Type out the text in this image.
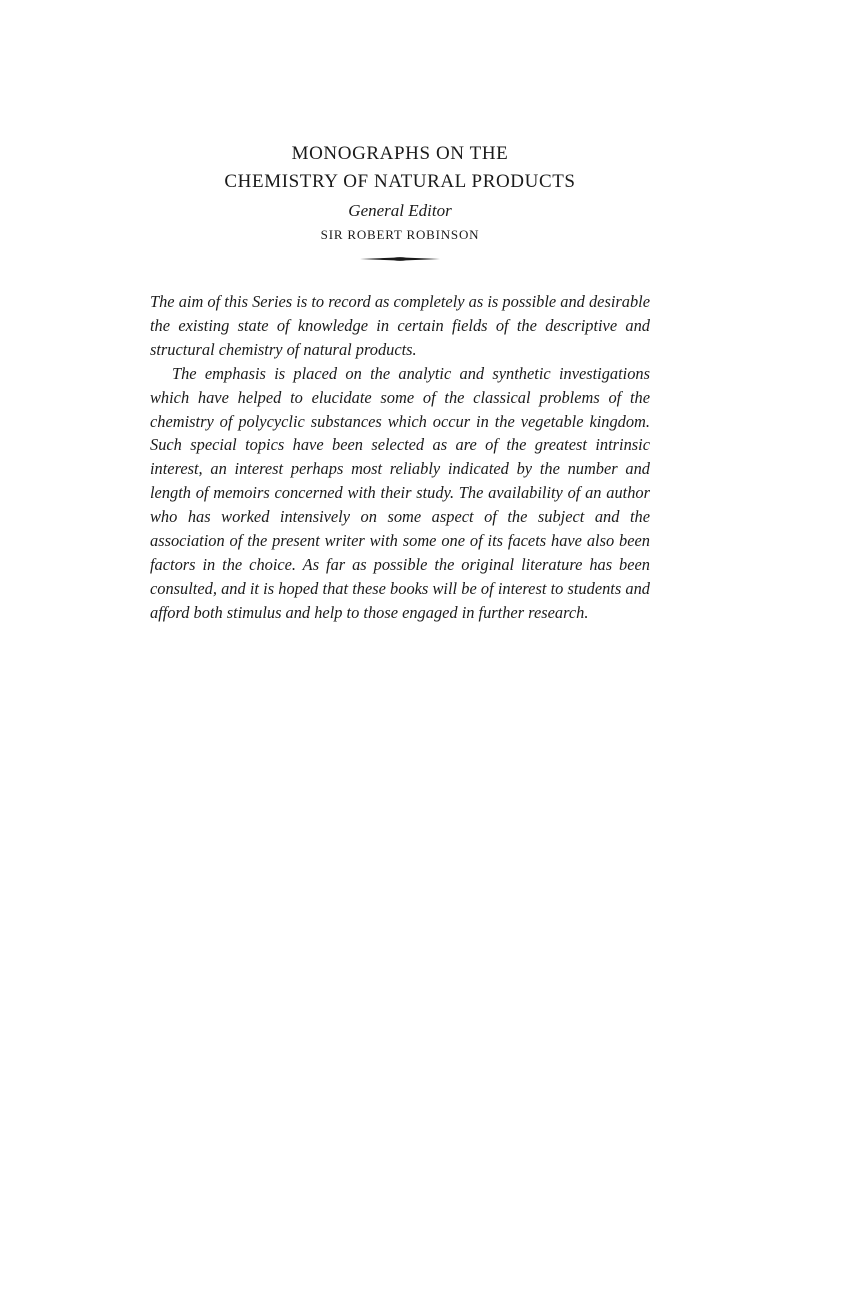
MONOGRAPHS ON THE
CHEMISTRY OF NATURAL PRODUCTS
General Editor
SIR ROBERT ROBINSON

The aim of this Series is to record as completely as is possible and desirable the existing state of knowledge in certain fields of the descriptive and structural chemistry of natural products.

The emphasis is placed on the analytic and synthetic investigations which have helped to elucidate some of the classical problems of the chemistry of polycyclic substances which occur in the vegetable kingdom. Such special topics have been selected as are of the greatest intrinsic interest, an interest perhaps most reliably indicated by the number and length of memoirs concerned with their study. The availability of an author who has worked intensively on some aspect of the subject and the association of the present writer with some one of its facets have also been factors in the choice. As far as possible the original literature has been consulted, and it is hoped that these books will be of interest to students and afford both stimulus and help to those engaged in further research.
